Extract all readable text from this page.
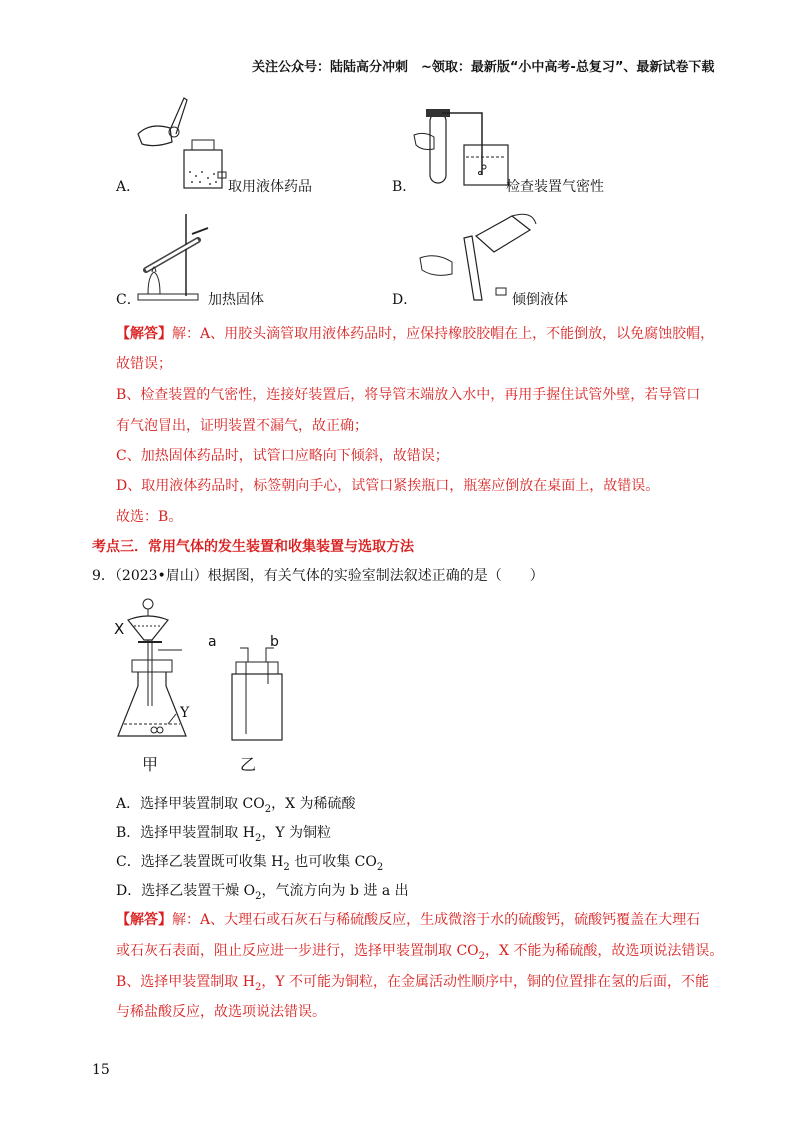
关注公众号：陆陆高分冲刺　~领取：最新版“小中高考-总复习”、最新试卷下载
A．	取用液体药品	B．	检查装置气密性
C．	加热固体	D．	倾倒液体
【解答】解：A、用胶头滴管取用液体药品时，应保持橡胶胶帽在上，不能倒放，以免腐蚀胶帽，
故错误；
B、检查装置的气密性，连接好装置后，将导管末端放入水中，再用手握住试管外壁，若导管口
有气泡冒出，证明装置不漏气，故正确；
C、加热固体药品时，试管口应略向下倾斜，故错误；
D、取用液体药品时，标签朝向手心，试管口紧挨瓶口，瓶塞应倒放在桌面上，故错误。
故选：B。
考点三．常用气体的发生装置和收集装置与选取方法
9．（2023•眉山）根据图，有关气体的实验室制法叙述正确的是（　　）
X
Y
a	b
甲	乙
A．选择甲装置制取 $CO_2$，X 为稀硫酸
B．选择甲装置制取 $H_2$，Y 为铜粒
C．选择乙装置既可收集 $H_2$ 也可收集 $CO_2$
D．选择乙装置干燥 $O_2$，气流方向为 b 进 a 出
【解答】解：A、大理石或石灰石与稀硫酸反应，生成微溶于水的硫酸钙，硫酸钙覆盖在大理石
或石灰石表面，阻止反应进一步进行，选择甲装置制取 $CO_2$，X 不能为稀硫酸，故选项说法错误。
B、选择甲装置制取 $H_2$，Y 不可能为铜粒，在金属活动性顺序中，铜的位置排在氢的后面，不能
与稀盐酸反应，故选项说法错误。
15
